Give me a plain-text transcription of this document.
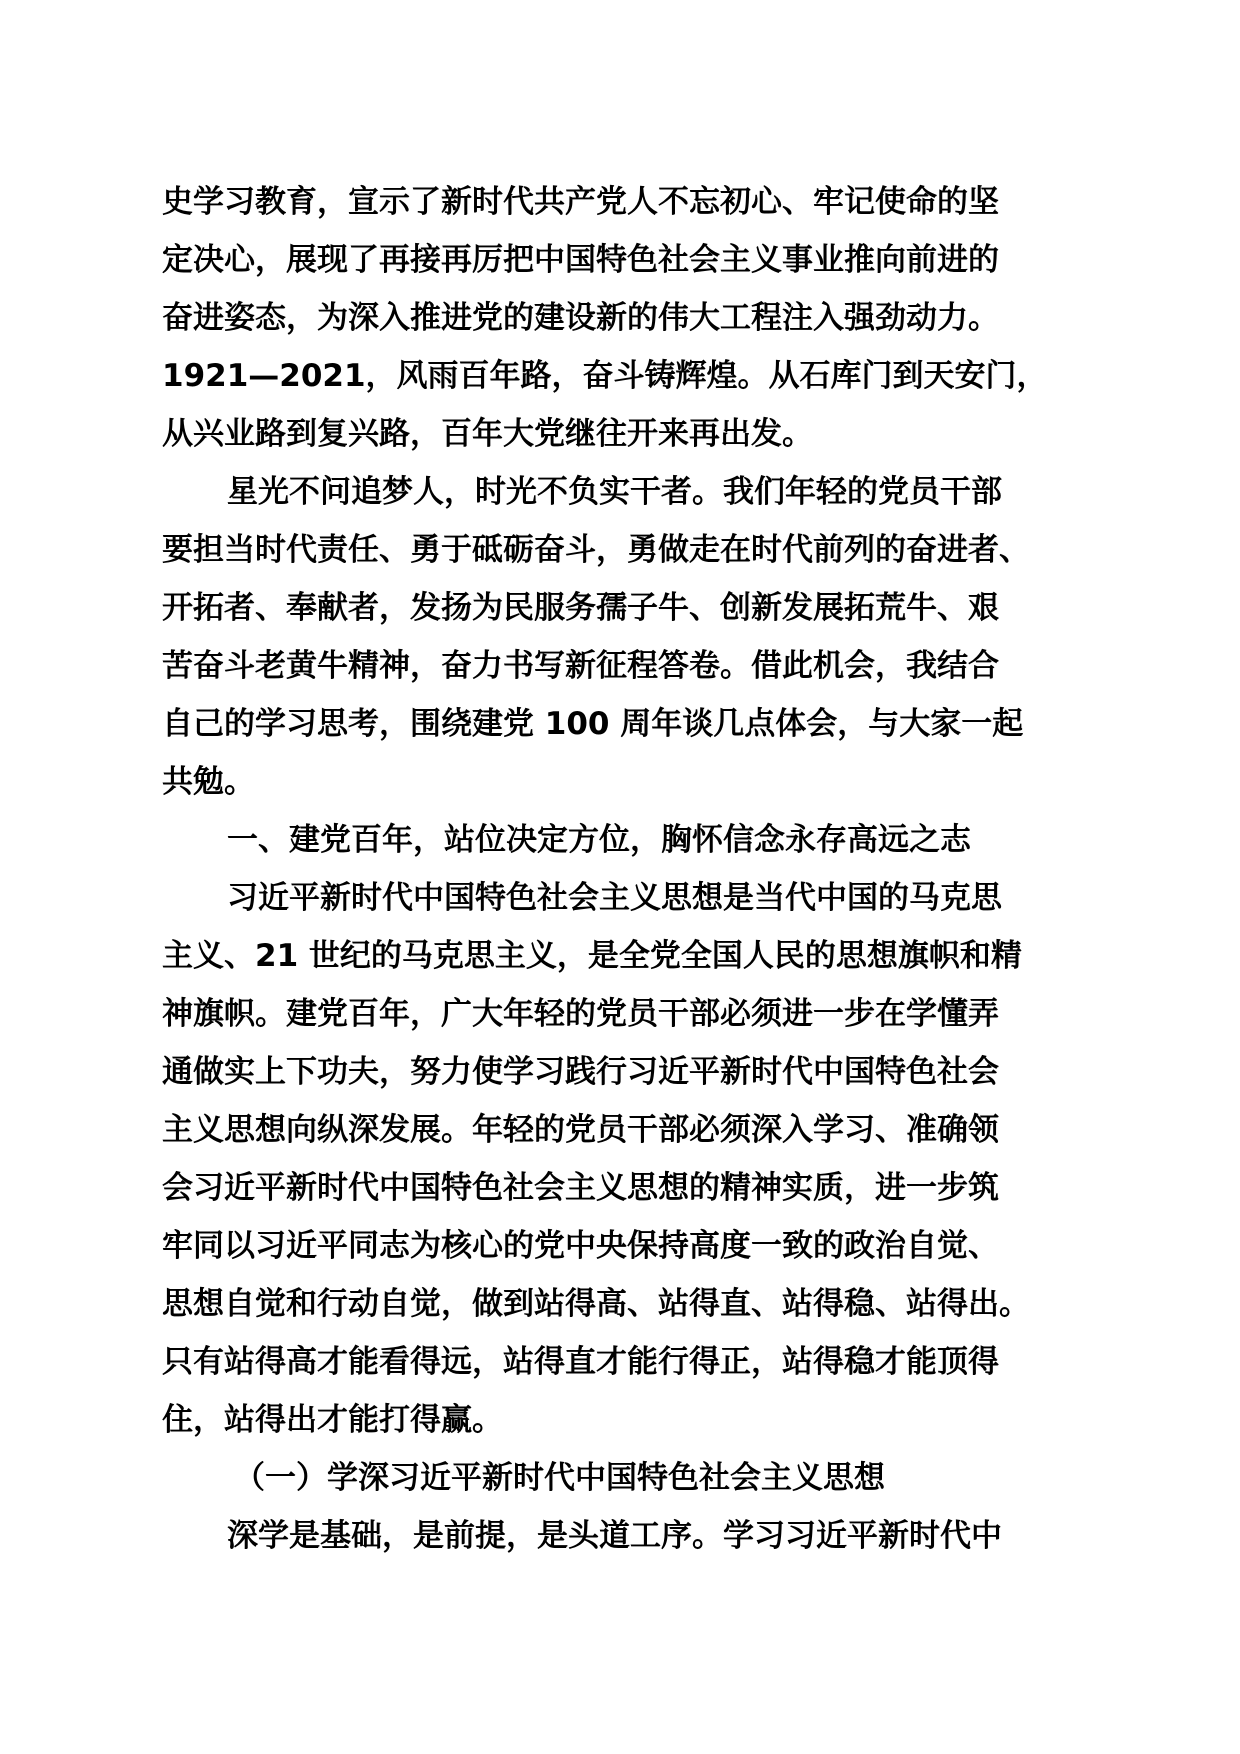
史学习教育，宣示了新时代共产党人不忘初心、牢记使命的坚
定决心，展现了再接再厉把中国特色社会主义事业推向前进的
奋进姿态，为深入推进党的建设新的伟大工程注入强劲动力。
1921—2021，风雨百年路，奋斗铸辉煌。从石库门到天安门，
从兴业路到复兴路，百年大党继往开来再出发。
星光不问追梦人，时光不负实干者。我们年轻的党员干部
要担当时代责任、勇于砥砺奋斗，勇做走在时代前列的奋进者、
开拓者、奉献者，发扬为民服务孺子牛、创新发展拓荒牛、艰
苦奋斗老黄牛精神，奋力书写新征程答卷。借此机会，我结合
自己的学习思考，围绕建党 100 周年谈几点体会，与大家一起
共勉。
一、建党百年，站位决定方位，胸怀信念永存高远之志
习近平新时代中国特色社会主义思想是当代中国的马克思
主义、21 世纪的马克思主义，是全党全国人民的思想旗帜和精
神旗帜。建党百年，广大年轻的党员干部必须进一步在学懂弄
通做实上下功夫，努力使学习践行习近平新时代中国特色社会
主义思想向纵深发展。年轻的党员干部必须深入学习、准确领
会习近平新时代中国特色社会主义思想的精神实质，进一步筑
牢同以习近平同志为核心的党中央保持高度一致的政治自觉、
思想自觉和行动自觉，做到站得高、站得直、站得稳、站得出。
只有站得高才能看得远，站得直才能行得正，站得稳才能顶得
住，站得出才能打得赢。
（一）学深习近平新时代中国特色社会主义思想
深学是基础，是前提，是头道工序。学习习近平新时代中
